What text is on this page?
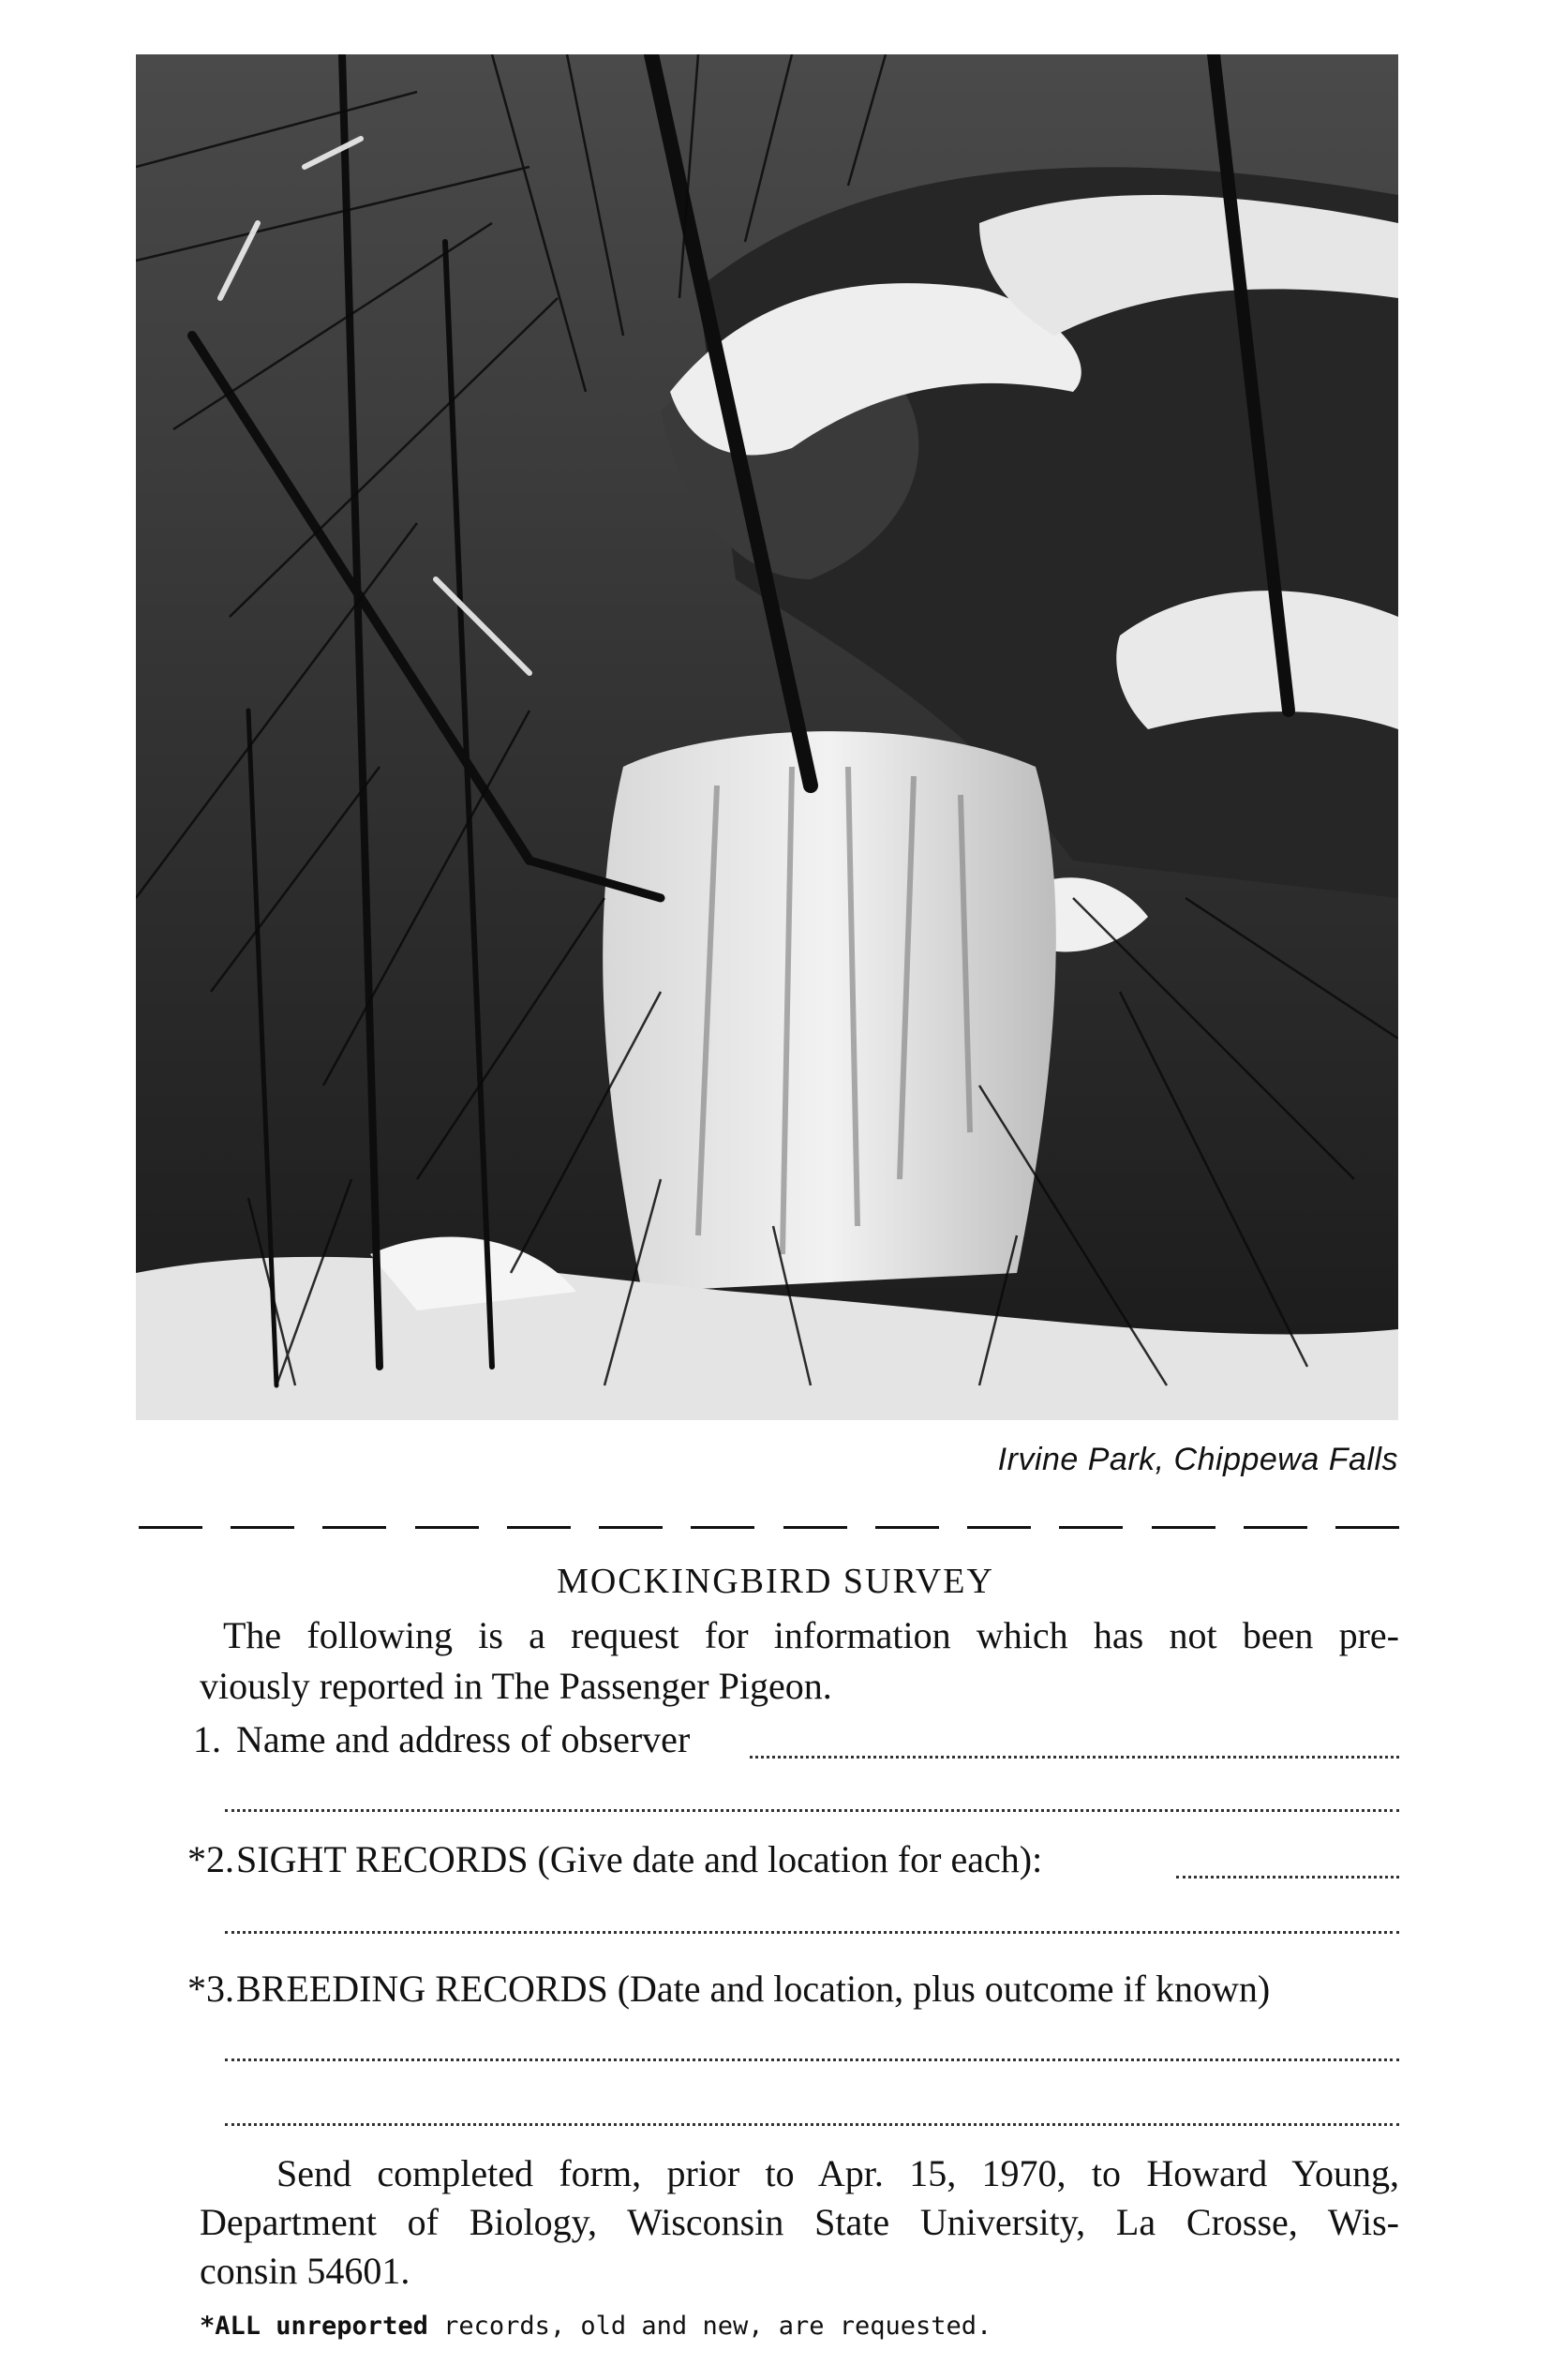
Irvine Park, Chippewa Falls
MOCKINGBIRD SURVEY
The following is a request for information which has not been pre-
viously reported in The Passenger Pigeon.
1. Name and address of observer
*2.SIGHT RECORDS (Give date and location for each):
*3.BREEDING RECORDS (Date and location, plus outcome if known)
Send completed form, prior to Apr. 15, 1970, to Howard Young,
Department of Biology, Wisconsin State University, La Crosse, Wis-
consin 54601.
*ALL unreported records, old and new, are requested.
